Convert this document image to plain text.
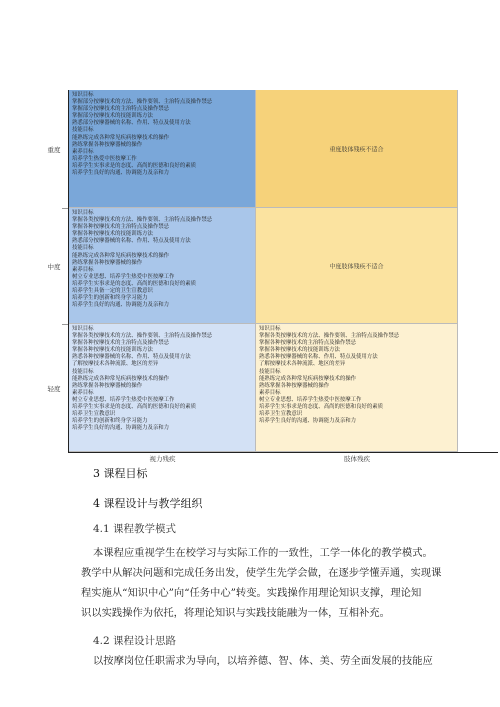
重度
中度
轻度
知识目标
掌握部分按摩技术的方法、操作要领、主治特点及操作禁忌
掌握部分按摩技术的主治特点及操作禁忌
掌握部分按摩技术的技能训练方法
熟悉部分按摩器械的名称、作用、特点及使用方法
技能目标
能熟练完成各种常见疾病按摩技术的操作
熟练掌握各种按摩器械的操作
素养目标
培养学生热爱中医按摩工作
培养学生实事求是的态度、高尚的医德和良好的素质
培养学生良好的沟通、协调能力及亲和力
重度肢体残疾不适合
知识目标
掌握各类按摩技术的方法、操作要领、主治特点及操作禁忌
掌握各种按摩技术的主治特点及操作禁忌
掌握各种按摩技术的技能训练方法
熟悉部分按摩器械的名称、作用、特点及使用方法
技能目标
能熟练完成各种常见疾病按摩技术的操作
熟练掌握各种按摩器械的操作
素养目标
树立专业思想、培养学生热爱中医按摩工作
培养学生实事求是的态度、高尚的医德和良好的素质
培养学生具备一定的卫生宣教意识
培养学生的创新和终身学习能力
培养学生良好的沟通、协调能力及亲和力
中度肢体残疾不适合
知识目标
掌握各类按摩技术的方法、操作要领、主治特点及操作禁忌
掌握各种按摩技术的主治特点及操作禁忌
掌握各种按摩技术的技能训练方法
熟悉各种按摩器械的名称、作用、特点及使用方法
了解按摩技术各种流派、地区的差异
技能目标
能熟练完成各种常见疾病按摩技术的操作
熟练掌握各种按摩器械的操作
素养目标
树立专业思想、培养学生热爱中医按摩工作
培养学生实事求是的态度、高尚的医德和良好的素质
培养卫生宣教意识
培养学生的创新和终身学习能力
培养学生良好的沟通、协调能力及亲和力
知识目标
掌握各类按摩技术的方法、操作要领、主治特点及操作禁忌
掌握各种按摩技术的主治特点及操作禁忌
掌握各种按摩技术的技能训练方法
熟悉各种按摩器械的名称、作用、特点及使用方法
了解按摩技术各种流派、地区的差异
技能目标
能熟练完成各种常见疾病按摩技术的操作
熟练掌握各种按摩器械的操作
素养目标
树立专业思想、培养学生热爱中医按摩工作
培养学生实事求是的态度、高尚的医德和良好的素质
培养卫生宣教意识
培养学生良好的沟通、协调能力及亲和力
视力残疾	肢体残疾
3 课程目标
4 课程设计与教学组织
4.1 课程教学模式
本课程应重视学生在校学习与实际工作的一致性，工学一体化的教学模式。
教学中从解决问题和完成任务出发，使学生先学会做，在逐步学懂弄通，实现课
程实施从“知识中心”向“任务中心”转变。实践操作用理论知识支撑，理论知
识以实践操作为依托，将理论知识与实践技能融为一体，互相补充。
4.2 课程设计思路
以按摩岗位任职需求为导向，以培养德、智、体、美、劳全面发展的技能应
